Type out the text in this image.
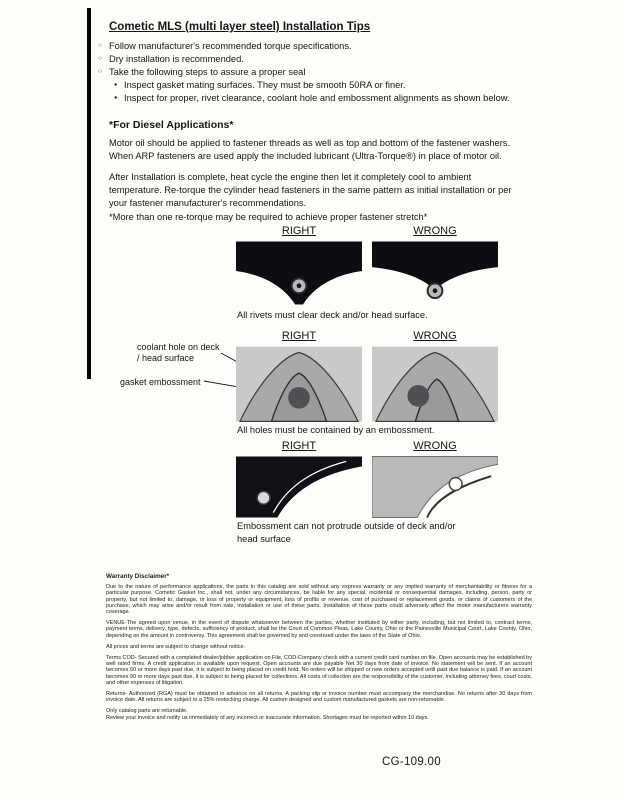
Cometic MLS (multi layer steel) Installation Tips
○ Follow manufacturer's recommended torque specifications.
○ Dry installation is recommended.
○ Take the following steps to assure a proper seal
● Inspect gasket mating surfaces. They must be smooth 50RA or finer.
● Inspect for proper, rivet clearance, coolant hole and embossment alignments as shown below.
*For Diesel Applications*

Motor oil should be applied to fastener threads as well as top and bottom of the fastener washers. When ARP fasteners are used apply the included lubricant (Ultra-Torque®) in place of motor oil.

After Installation is complete, heat cycle the engine then let it completely cool to ambient temperature. Re-torque the cylinder head fasteners in the same pattern as initial installation or per your fastener manufacturer's recommendations.

*More than one re-torque may be required to achieve proper fastener stretch*

RIGHT	WRONG
All rivets must clear deck and/or head surface.
RIGHT	WRONG
coolant hole on deck / head surface
gasket embossment
All holes must be contained by an embossment.
RIGHT	WRONG
Embossment can not protrude outside of deck and/or head surface
Warranty Disclaimer*

Due to the nature of performance applications, the parts in this catalog are sold without any express warranty or any implied warranty of merchantability or fitness for a particular purpose. Cometic Gasket Inc., shall not, under any circumstances, be liable for any special, incidental or consequential damages, including, person, party or property, but not limited to, damage, or loss of property or equipment, loss of profits or revenue, cost of purchased or replacement goods, or claims of customers of the purchase, which may arise and/or result from sale, installation or use of these parts. Installation of these parts could adversely affect the motor manufacturers warranty coverage.

VENUE-The agreed upon venue, in the event of dispute whatsoever between the parties, whether instituted by either party, including, but not limited to, contract terms, payment terms, delivery, type, defects, sufficiency of product, shall be the Court of Common Pleas, Lake County, Ohio or the Painesville Municipal Court, Lake County, Ohio, depending on the amount in controversy. This agreement shall be governed by and construed under the laws of the State of Ohio.

All prices and terms are subject to change without notice.

Terms COD- Secured with a completed dealer/jobber application on File, COD-Company check with a current credit card number on file. Open accounts may be established by well rated firms. A credit application is available upon request. Open accounts are due payable Net 30 days from date of invoice. No statement will be sent. If an account becomes 60 or more days past due, it is subject to being placed on credit hold. No orders will be shipped or new orders accepted until past due balance is paid. If an account becomes 90 or more days past due, it is subject to being placed for collections. All costs of collection are the responsibility of the customer, including attorney fees, court costs, and other expenses of litigation.

Returns- Authorized (RGA) must be obtained in advance on all returns. A packing slip or invoice number must accompany the merchandise. No returns after 30 days from invoice date. All returns are subject to a 25% restocking charge. All custom designed and custom manufactured gaskets are non-returnable.

Only catalog parts are returnable.

Review your invoice and notify us immediately of any incorrect or inaccurate information. Shortages must be reported within 10 days.

CG-109.00
